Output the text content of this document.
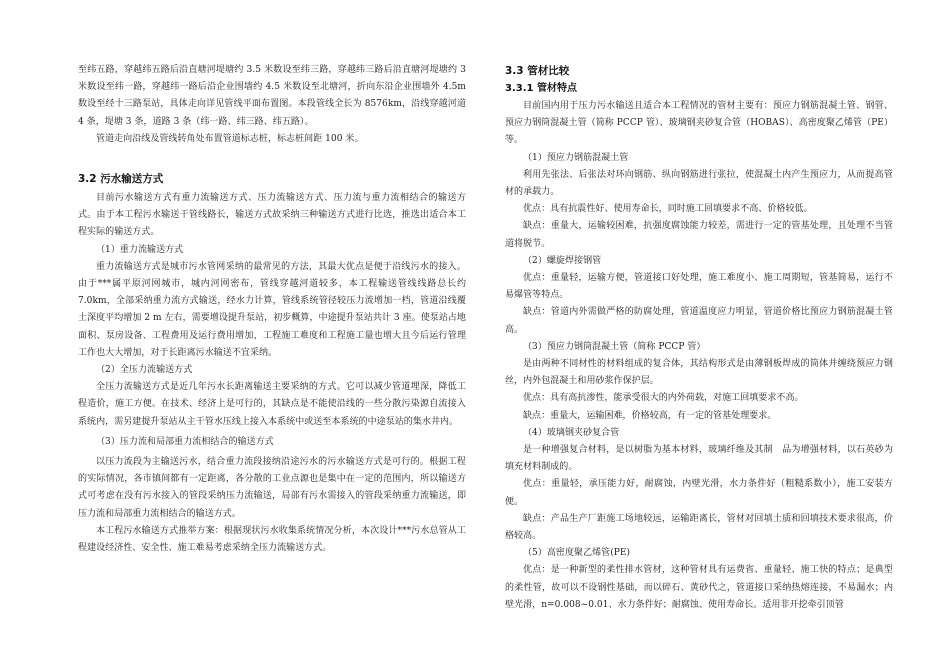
至纬五路，穿越纬五路后沿直塘河堤塘约 3.5 米数设至纬三路，穿越纬三路后沿直塘河堤塘约 3 米数设至纬一路，穿越纬一路后沿企业围墙约 4.5 米数设至北塘河，折向东沿企业围墙外 4.5m 数设至经十三路泵站，具体走向详见管线平面布置图。本段管线全长为 8576km，沿线穿越河道 4 条，堤塘 3 条，道路 3 条（纬一路、纬三路、纬五路）。

管道走向沿线及管线转角处布置管道标志桩，标志桩间距 100 米。

3.2 污水输送方式

目前污水输送方式有重力流输送方式、压力流输送方式、压力流与重力流相结合的输送方式。由于本工程污水输送干管线路长，输送方式故采纳三种输送方式进行比选，推选出适合本工程实际的输送方式。

（1）重力流输送方式

重力流输送方式是城市污水管网采纳的最常见的方法，其最大优点是便于沿线污水的接入。由于***属平原河网城市，城内河网密布，管线穿越河道较多，本工程输送管线线路总长约 7.0km，全部采纳重力流方式输送，经水力计算，管线系统管径较压力流增加一档，管道沿线覆土深度平均增加 2 m 左右，需要增设提升泵站，初步概算，中途提升泵站共计 3 座。使泵站占地面积、泵房设备、工程费用及运行费用增加，工程施工难度和工程施工量也增大且今后运行管理工作也大大增加，对于长距离污水输送不宜采纳。

（2）全压力流输送方式

全压力流输送方式是近几年污水长距离输送主要采纳的方式。它可以减少管道埋深，降低工程造价，施工方便。在技术、经济上是可行的，其缺点是不能使沿线的一些分散污染源自流接入系统内，需另建提升泵站从主干管水压线上接入本系统中或送至本系统的中途泵站的集水井内。

（3）压力流和局部重力流相结合的输送方式

以压力流段为主输送污水，结合重力流段接纳沿途污水的污水输送方式是可行的。根据工程的实际情况，各市镇间都有一定距离，各分散的工业点源也是集中在一定的范围内，所以输送方式可考虑在没有污水接入的管段采纳压力流输送，局部有污水需接入的管段采纳重力流输送，即压力流和局部重力流相结合的输送方式。

本工程污水输送方式推举方案：根据现状污水收集系统情况分析，本次设计***污水总管从工程建设经济性、安全性、施工难易考虑采纳全压力流输送方式。

3.3 管材比较
3.3.1 管材特点

目前国内用于压力污水输送且适合本工程情况的管材主要有：预应力钢筋混凝土管、钢管、预应力钢筒混凝土管（简称 PCCP 管）、玻璃钢夹砂复合管（HOBAS）、高密度聚乙烯管（PE）等。

（1）预应力钢筋混凝土管

利用先张法、后张法对环向钢筋、纵向钢筋进行张拉，使混凝土内产生预应力，从而提高管材的承载力。

优点：具有抗震性好、使用寿命长，同时施工回填要求不高、价格较低。

缺点：重量大，运输较困难，抗强度腐蚀能力较差，需进行一定的管基处理，且处理不当管道将脱节。

（2）螺旋焊接钢管

优点：重量轻，运输方便，管道接口好处理，施工难度小、施工周期短，管基简易，运行不易爆管等特点。

缺点：管道内外需做严格的防腐处理，管道温度应力明显，管道价格比预应力钢筋混凝土管高。

（3）预应力钢筒混凝土管（简称 PCCP 管）

是由两种不同材性的材料组成的复合体，其结构形式是由薄钢板焊成的筒体并缠绕预应力钢丝，内外包混凝土和用砂浆作保护层。

优点：具有高抗渗性，能承受很大的内外荷载，对施工回填要求不高。

缺点：重量大，运输困难，价格较高，有一定的管基处理要求。

（4）玻璃钢夹砂复合管

是一种增强复合材料，是以树脂为基本材料，玻璃纤维及其制　品为增强材料，以石英砂为填充材料制成的。

优点：重量轻，承压能力好，耐腐蚀，内壁光滑，水力条件好（粗糙系数小），施工安装方便。

缺点：产品生产厂距施工场地较远，运输距离长，管材对回填土质和回填技术要求很高，价格较高。

（5）高密度聚乙烯管(PE)

优点：是一种新型的柔性排水管材，这种管材具有运费省、重量轻、施工快的特点；是典型的柔性管，故可以不设钢性基础，而以碎石、黄砂代之，管道接口采纳热熔连接，不易漏水；内壁光滑，n=0.008~0.01、水力条件好；耐腐蚀、使用寿命长。适用非开挖牵引顶管
